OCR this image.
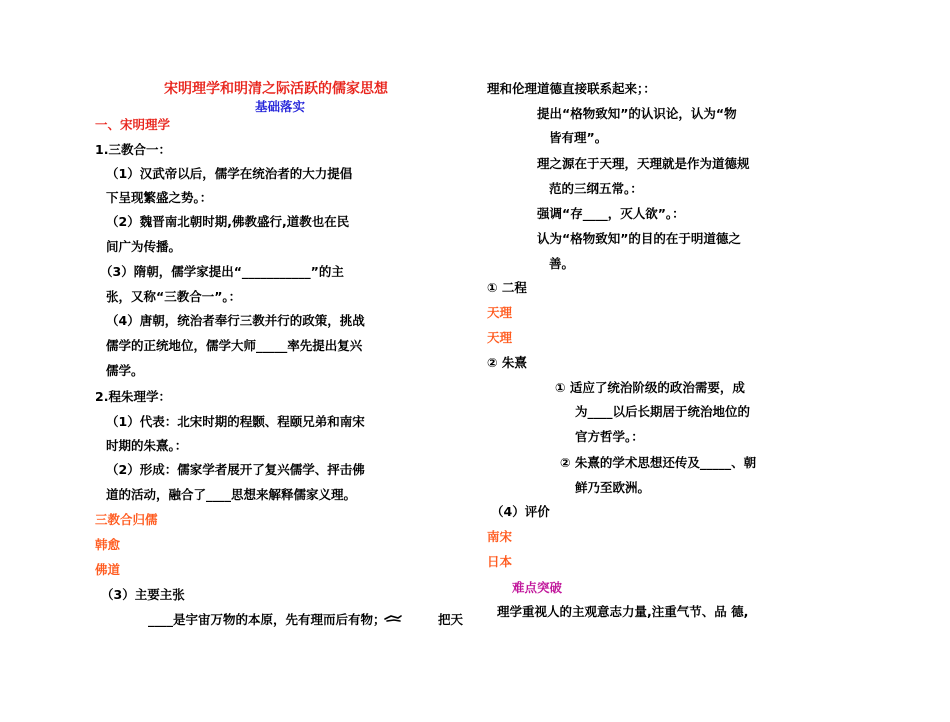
宋明理学和明清之际活跃的儒家思想
基础落实
一、宋明理学
1.三教合一：
（1）汉武帝以后，儒学在统治者的大力提倡
下呈现繁盛之势。：
（2）魏晋南北朝时期,佛教盛行,道教也在民
间广为传播。
（3）隋朝，儒学家提出“___________”的主
张，又称“三教合一”。：
（4）唐朝，统治者奉行三教并行的政策，挑战
儒学的正统地位，儒学大师_____率先提出复兴
儒学。
2.程朱理学：
（1）代表：北宋时期的程颢、程颐兄弟和南宋
时期的朱熹。：
（2）形成：儒家学者展开了复兴儒学、抨击佛
道的活动，融合了____思想来解释儒家义理。
三教合归儒
韩愈
佛道
（3）主要主张
____是宇宙万物的本原，先有理而后有物；	把天
理和伦理道德直接联系起来；：
提出“格物致知”的认识论，认为“物
皆有理”。
理之源在于天理，天理就是作为道德规
范的三纲五常。：
强调“存____，灭人欲”。：
认为“格物致知”的目的在于明道德之
善。
① 二程
天理
天理
② 朱熹
① 适应了统治阶级的政治需要，成
为____以后长期居于统治地位的
官方哲学。：
② 朱熹的学术思想还传及_____、朝
鲜乃至欧洲。
（4）评价
南宋
日本
难点突破
理学重视人的主观意志力量,注重气节、品 德,
